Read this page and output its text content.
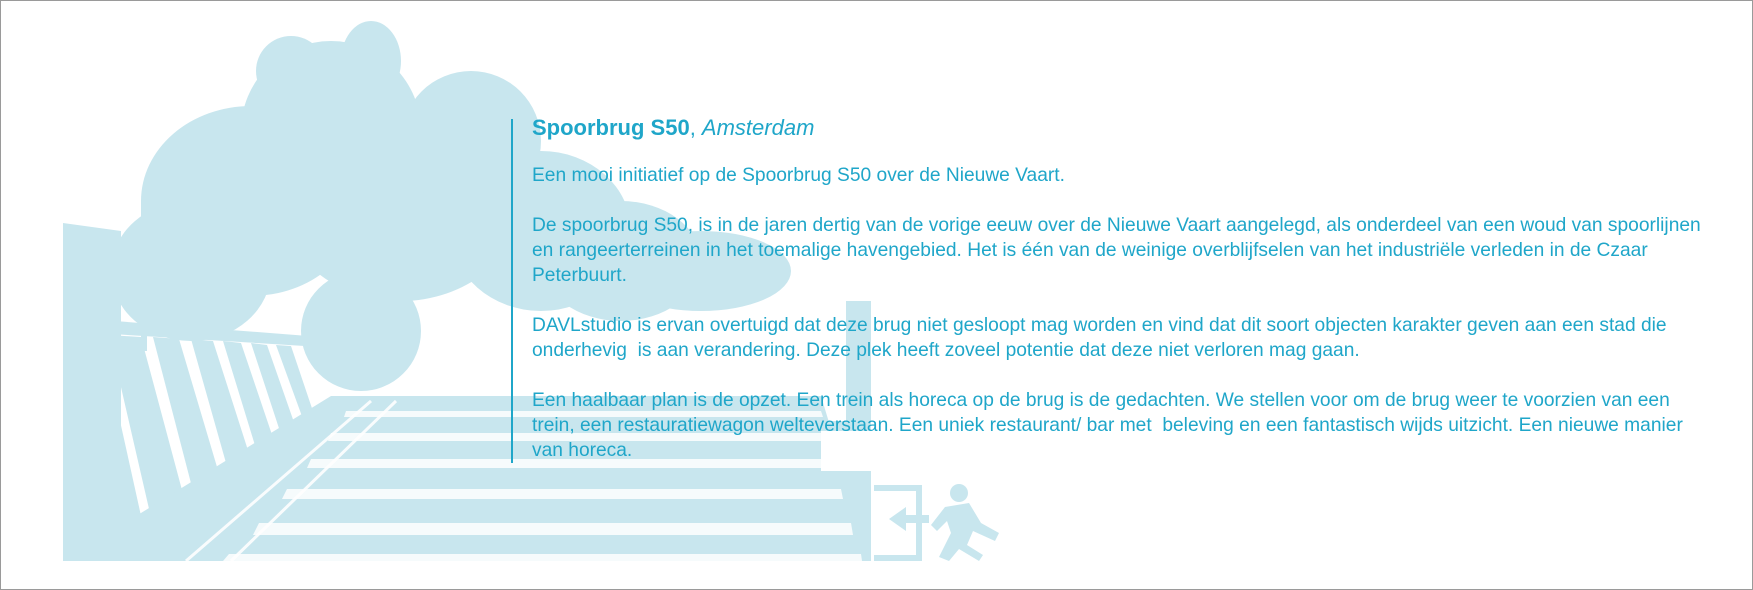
Spoorbrug S50, Amsterdam

Een mooi initiatief op de Spoorbrug S50 over de Nieuwe Vaart.

De spoorbrug S50, is in de jaren dertig van de vorige eeuw over de Nieuwe Vaart aangelegd, als onderdeel van een woud van spoorlijnen en rangeerterreinen in het toemalige havengebied. Het is één van de weinige overblijfselen van het industriële verleden in de Czaar Peterbuurt.

DAVLstudio is ervan overtuigd dat deze brug niet gesloopt mag worden en vind dat dit soort objecten karakter geven aan een stad die onderhevig  is aan verandering. Deze plek heeft zoveel potentie dat deze niet verloren mag gaan.

Een haalbaar plan is de opzet. Een trein als horeca op de brug is de gedachten. We stellen voor om de brug weer te voorzien van een trein, een restauratiewagon welteverstaan. Een uniek restaurant/ bar met  beleving en een fantastisch wijds uitzicht. Een nieuwe manier van horeca.
